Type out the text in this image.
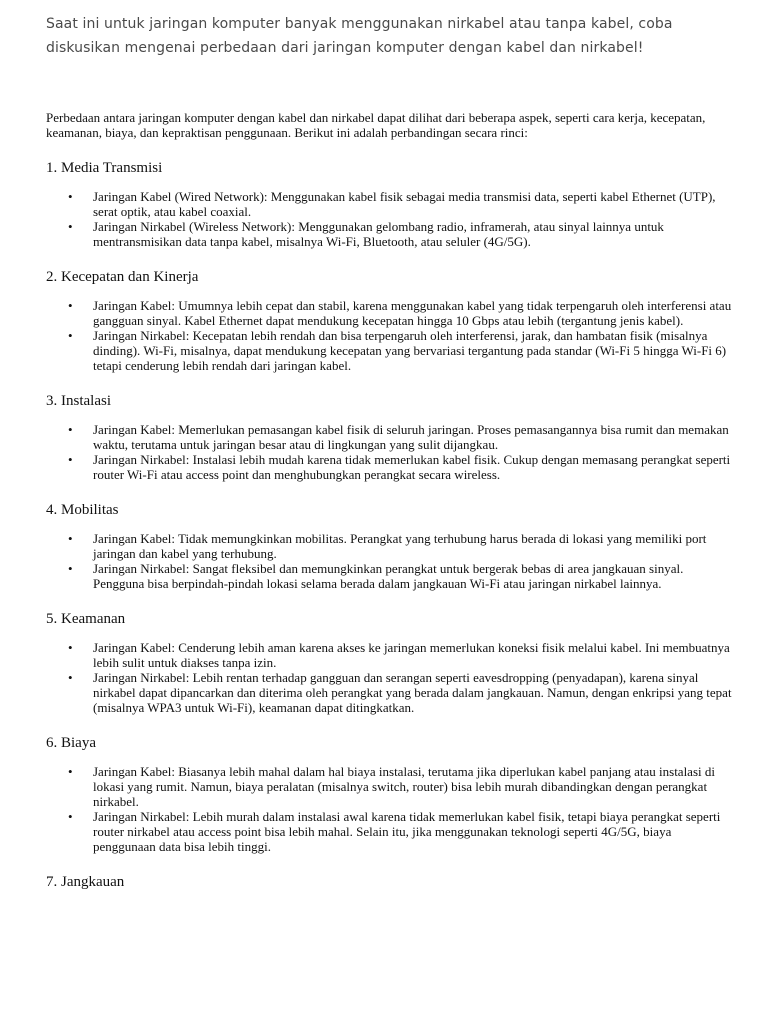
Saat ini untuk jaringan komputer banyak menggunakan nirkabel atau tanpa kabel, coba diskusikan mengenai perbedaan dari jaringan komputer dengan kabel dan nirkabel!

Perbedaan antara jaringan komputer dengan kabel dan nirkabel dapat dilihat dari beberapa aspek, seperti cara kerja, kecepatan, keamanan, biaya, dan kepraktisan penggunaan. Berikut ini adalah perbandingan secara rinci:

1. Media Transmisi
• Jaringan Kabel (Wired Network): Menggunakan kabel fisik sebagai media transmisi data, seperti kabel Ethernet (UTP), serat optik, atau kabel coaxial.
• Jaringan Nirkabel (Wireless Network): Menggunakan gelombang radio, inframerah, atau sinyal lainnya untuk mentransmisikan data tanpa kabel, misalnya Wi-Fi, Bluetooth, atau seluler (4G/5G).
2. Kecepatan dan Kinerja
• Jaringan Kabel: Umumnya lebih cepat dan stabil, karena menggunakan kabel yang tidak terpengaruh oleh interferensi atau gangguan sinyal. Kabel Ethernet dapat mendukung kecepatan hingga 10 Gbps atau lebih (tergantung jenis kabel).
• Jaringan Nirkabel: Kecepatan lebih rendah dan bisa terpengaruh oleh interferensi, jarak, dan hambatan fisik (misalnya dinding). Wi-Fi, misalnya, dapat mendukung kecepatan yang bervariasi tergantung pada standar (Wi-Fi 5 hingga Wi-Fi 6) tetapi cenderung lebih rendah dari jaringan kabel.
3. Instalasi
• Jaringan Kabel: Memerlukan pemasangan kabel fisik di seluruh jaringan. Proses pemasangannya bisa rumit dan memakan waktu, terutama untuk jaringan besar atau di lingkungan yang sulit dijangkau.
• Jaringan Nirkabel: Instalasi lebih mudah karena tidak memerlukan kabel fisik. Cukup dengan memasang perangkat seperti router Wi-Fi atau access point dan menghubungkan perangkat secara wireless.
4. Mobilitas
• Jaringan Kabel: Tidak memungkinkan mobilitas. Perangkat yang terhubung harus berada di lokasi yang memiliki port jaringan dan kabel yang terhubung.
• Jaringan Nirkabel: Sangat fleksibel dan memungkinkan perangkat untuk bergerak bebas di area jangkauan sinyal. Pengguna bisa berpindah-pindah lokasi selama berada dalam jangkauan Wi-Fi atau jaringan nirkabel lainnya.
5. Keamanan
• Jaringan Kabel: Cenderung lebih aman karena akses ke jaringan memerlukan koneksi fisik melalui kabel. Ini membuatnya lebih sulit untuk diakses tanpa izin.
• Jaringan Nirkabel: Lebih rentan terhadap gangguan dan serangan seperti eavesdropping (penyadapan), karena sinyal nirkabel dapat dipancarkan dan diterima oleh perangkat yang berada dalam jangkauan. Namun, dengan enkripsi yang tepat (misalnya WPA3 untuk Wi-Fi), keamanan dapat ditingkatkan.
6. Biaya
• Jaringan Kabel: Biasanya lebih mahal dalam hal biaya instalasi, terutama jika diperlukan kabel panjang atau instalasi di lokasi yang rumit. Namun, biaya peralatan (misalnya switch, router) bisa lebih murah dibandingkan dengan perangkat nirkabel.
• Jaringan Nirkabel: Lebih murah dalam instalasi awal karena tidak memerlukan kabel fisik, tetapi biaya perangkat seperti router nirkabel atau access point bisa lebih mahal. Selain itu, jika menggunakan teknologi seperti 4G/5G, biaya penggunaan data bisa lebih tinggi.
7. Jangkauan
